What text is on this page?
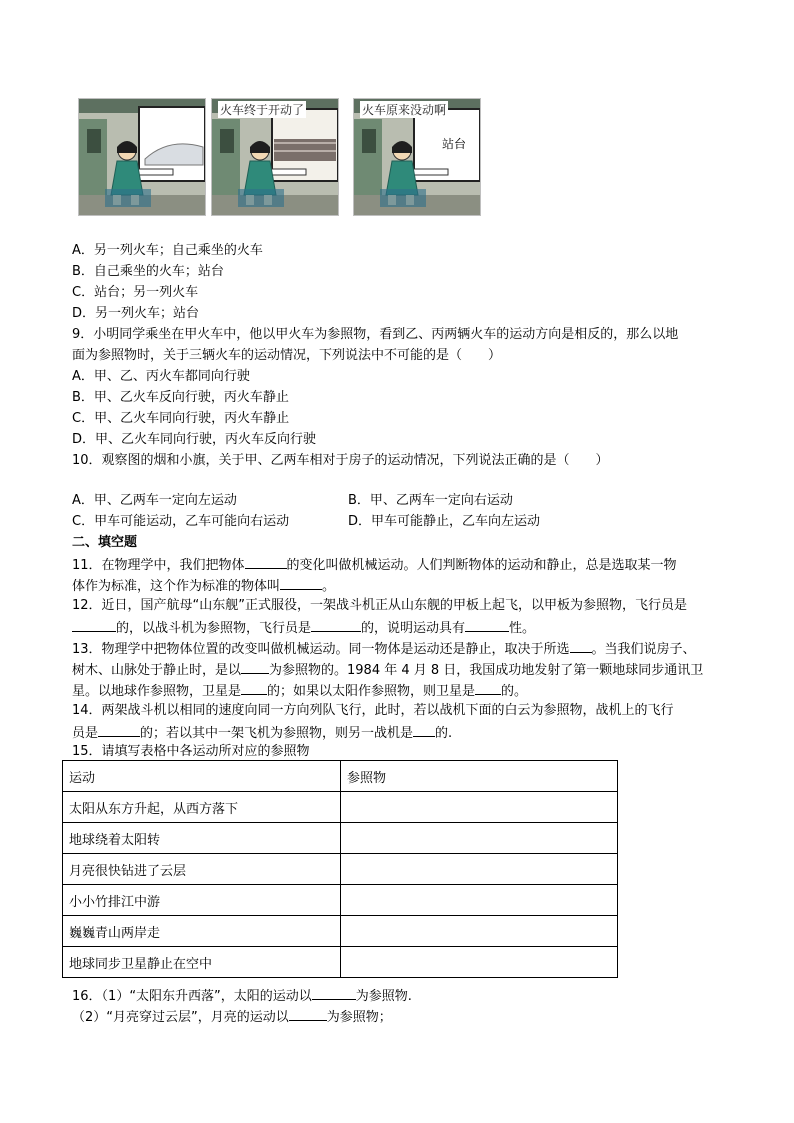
火车终于开动了	火车原来没动啊
站台
A．另一列火车；自己乘坐的火车
B．自己乘坐的火车；站台
C．站台；另一列火车
D．另一列火车；站台
9．小明同学乘坐在甲火车中，他以甲火车为参照物，看到乙、丙两辆火车的运动方向是相反的，那么以地
面为参照物时，关于三辆火车的运动情况，下列说法中不可能的是（　　）
A．甲、乙、丙火车都同向行驶
B．甲、乙火车反向行驶，丙火车静止
C．甲、乙火车同向行驶，丙火车静止
D．甲、乙火车同向行驶，丙火车反向行驶
10．观察图的烟和小旗，关于甲、乙两车相对于房子的运动情况，下列说法正确的是（　　）
A．甲、乙两车一定向左运动	B．甲、乙两车一定向右运动
C．甲车可能运动，乙车可能向右运动	D．甲车可能静止，乙车向左运动
二、填空题
11．在物理学中，我们把物体	的变化叫做机械运动。人们判断物体的运动和静止，总是选取某一物
体作为标准，这个作为标准的物体叫	。
12．近日，国产航母“山东舰”正式服役，一架战斗机正从山东舰的甲板上起飞，以甲板为参照物，飞行员是
的，以战斗机为参照物，飞行员是	的，说明运动具有	性。
13．物理学中把物体位置的改变叫做机械运动。同一物体是运动还是静止，取决于所选 。当我们说房子、
树木、山脉处于静止时，是以 为参照物的。1984 年 4 月 8 日，我国成功地发射了第一颗地球同步通讯卫
星。以地球作参照物，卫星是 的；如果以太阳作参照物，则卫星是 的。
14．两架战斗机以相同的速度向同一方向列队飞行，此时，若以战机下面的白云为参照物，战机上的飞行
员是	的；若以其中一架飞机为参照物，则另一战机是 的.
15．请填写表格中各运动所对应的参照物
运动	参照物
太阳从东方升起，从西方落下	
地球绕着太阳转	
月亮很快钻进了云层	
小小竹排江中游	
巍巍青山两岸走	
地球同步卫星静止在空中	
16．（1）“太阳东升西落”，太阳的运动以	为参照物.
（2）“月亮穿过云层”，月亮的运动以	为参照物；
